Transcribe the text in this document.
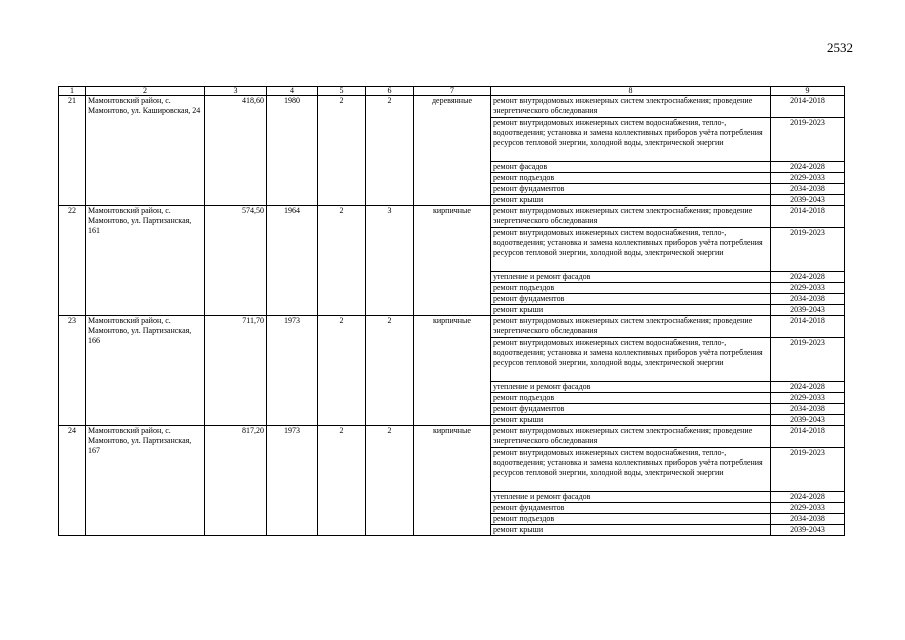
2532
1	2	3	4	5	6	7	8	9
21	Мамонтовский район, с. Мамонтово, ул. Кашировская, 24	418,60	1980	2	2	деревянные	ремонт внутридомовых инженерных систем электроснабжения; проведение энергетического обследования	2014-2018
							ремонт внутридомовых инженерных систем водоснабжения, тепло-, водоотведения; установка и замена коллективных приборов учёта потребления ресурсов тепловой энергии, холодной воды, электрической энергии	2019-2023
							ремонт фасадов	2024-2028
							ремонт подъездов	2029-2033
							ремонт фундаментов	2034-2038
							ремонт крыши	2039-2043
22	Мамонтовский район, с. Мамонтово, ул. Партизанская, 161	574,50	1964	2	3	кирпичные	ремонт внутридомовых инженерных систем электроснабжения; проведение энергетического обследования	2014-2018
							ремонт внутридомовых инженерных систем водоснабжения, тепло-, водоотведения; установка и замена коллективных приборов учёта потребления ресурсов тепловой энергии, холодной воды, электрической энергии	2019-2023
							утепление и ремонт фасадов	2024-2028
							ремонт подъездов	2029-2033
							ремонт фундаментов	2034-2038
							ремонт крыши	2039-2043
23	Мамонтовский район, с. Мамонтово, ул. Партизанская, 166	711,70	1973	2	2	кирпичные	ремонт внутридомовых инженерных систем электроснабжения; проведение энергетического обследования	2014-2018
							ремонт внутридомовых инженерных систем водоснабжения, тепло-, водоотведения; установка и замена коллективных приборов учёта потребления ресурсов тепловой энергии, холодной воды, электрической энергии	2019-2023
							утепление и ремонт фасадов	2024-2028
							ремонт подъездов	2029-2033
							ремонт фундаментов	2034-2038
							ремонт крыши	2039-2043
24	Мамонтовский район, с. Мамонтово, ул. Партизанская, 167	817,20	1973	2	2	кирпичные	ремонт внутридомовых инженерных систем электроснабжения; проведение энергетического обследования	2014-2018
							ремонт внутридомовых инженерных систем водоснабжения, тепло-, водоотведения; установка и замена коллективных приборов учёта потребления ресурсов тепловой энергии, холодной воды, электрической энергии	2019-2023
							утепление и ремонт фасадов	2024-2028
							ремонт фундаментов	2029-2033
							ремонт подъездов	2034-2038
							ремонт крыши	2039-2043
